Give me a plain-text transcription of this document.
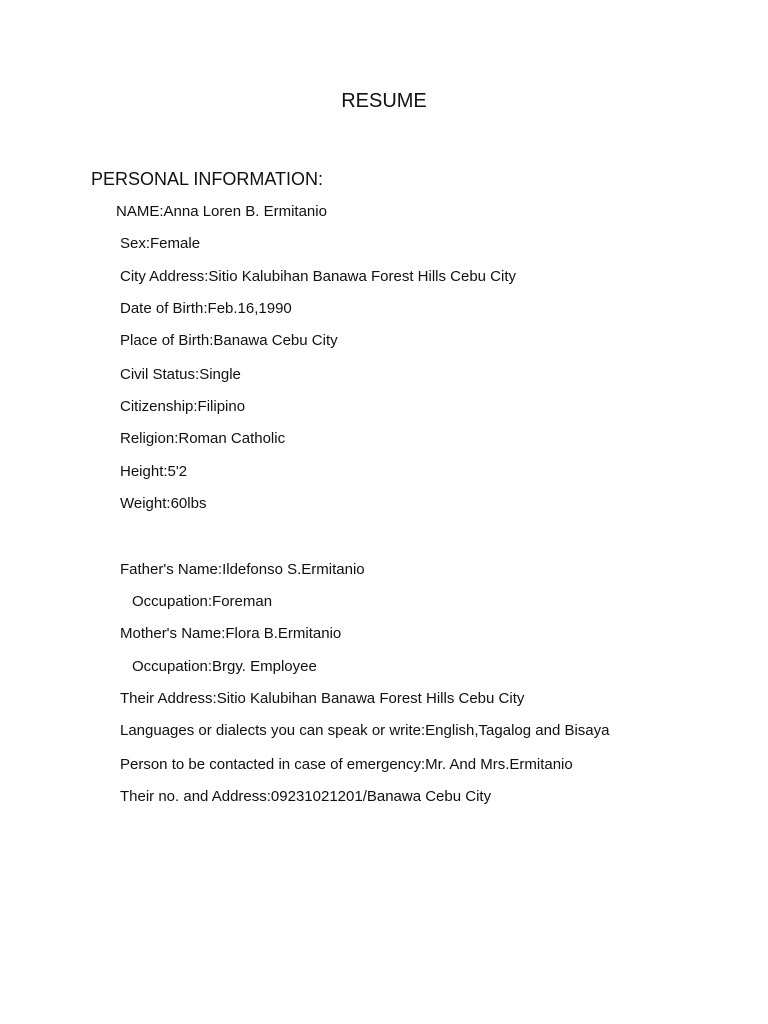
RESUME
PERSONAL INFORMATION:
NAME:Anna Loren B. Ermitanio
Sex:Female
City Address:Sitio Kalubihan Banawa Forest Hills Cebu City
Date of Birth:Feb.16,1990
Place of Birth:Banawa Cebu City
Civil Status:Single
Citizenship:Filipino
Religion:Roman Catholic
Height:5'2
Weight:60lbs
Father's Name:Ildefonso S.Ermitanio
Occupation:Foreman
Mother's Name:Flora B.Ermitanio
Occupation:Brgy. Employee
Their Address:Sitio Kalubihan Banawa Forest Hills Cebu City
Languages or dialects you can speak or write:English,Tagalog and Bisaya
Person to be contacted in case of emergency:Mr. And Mrs.Ermitanio
Their no. and Address:09231021201/Banawa Cebu City
